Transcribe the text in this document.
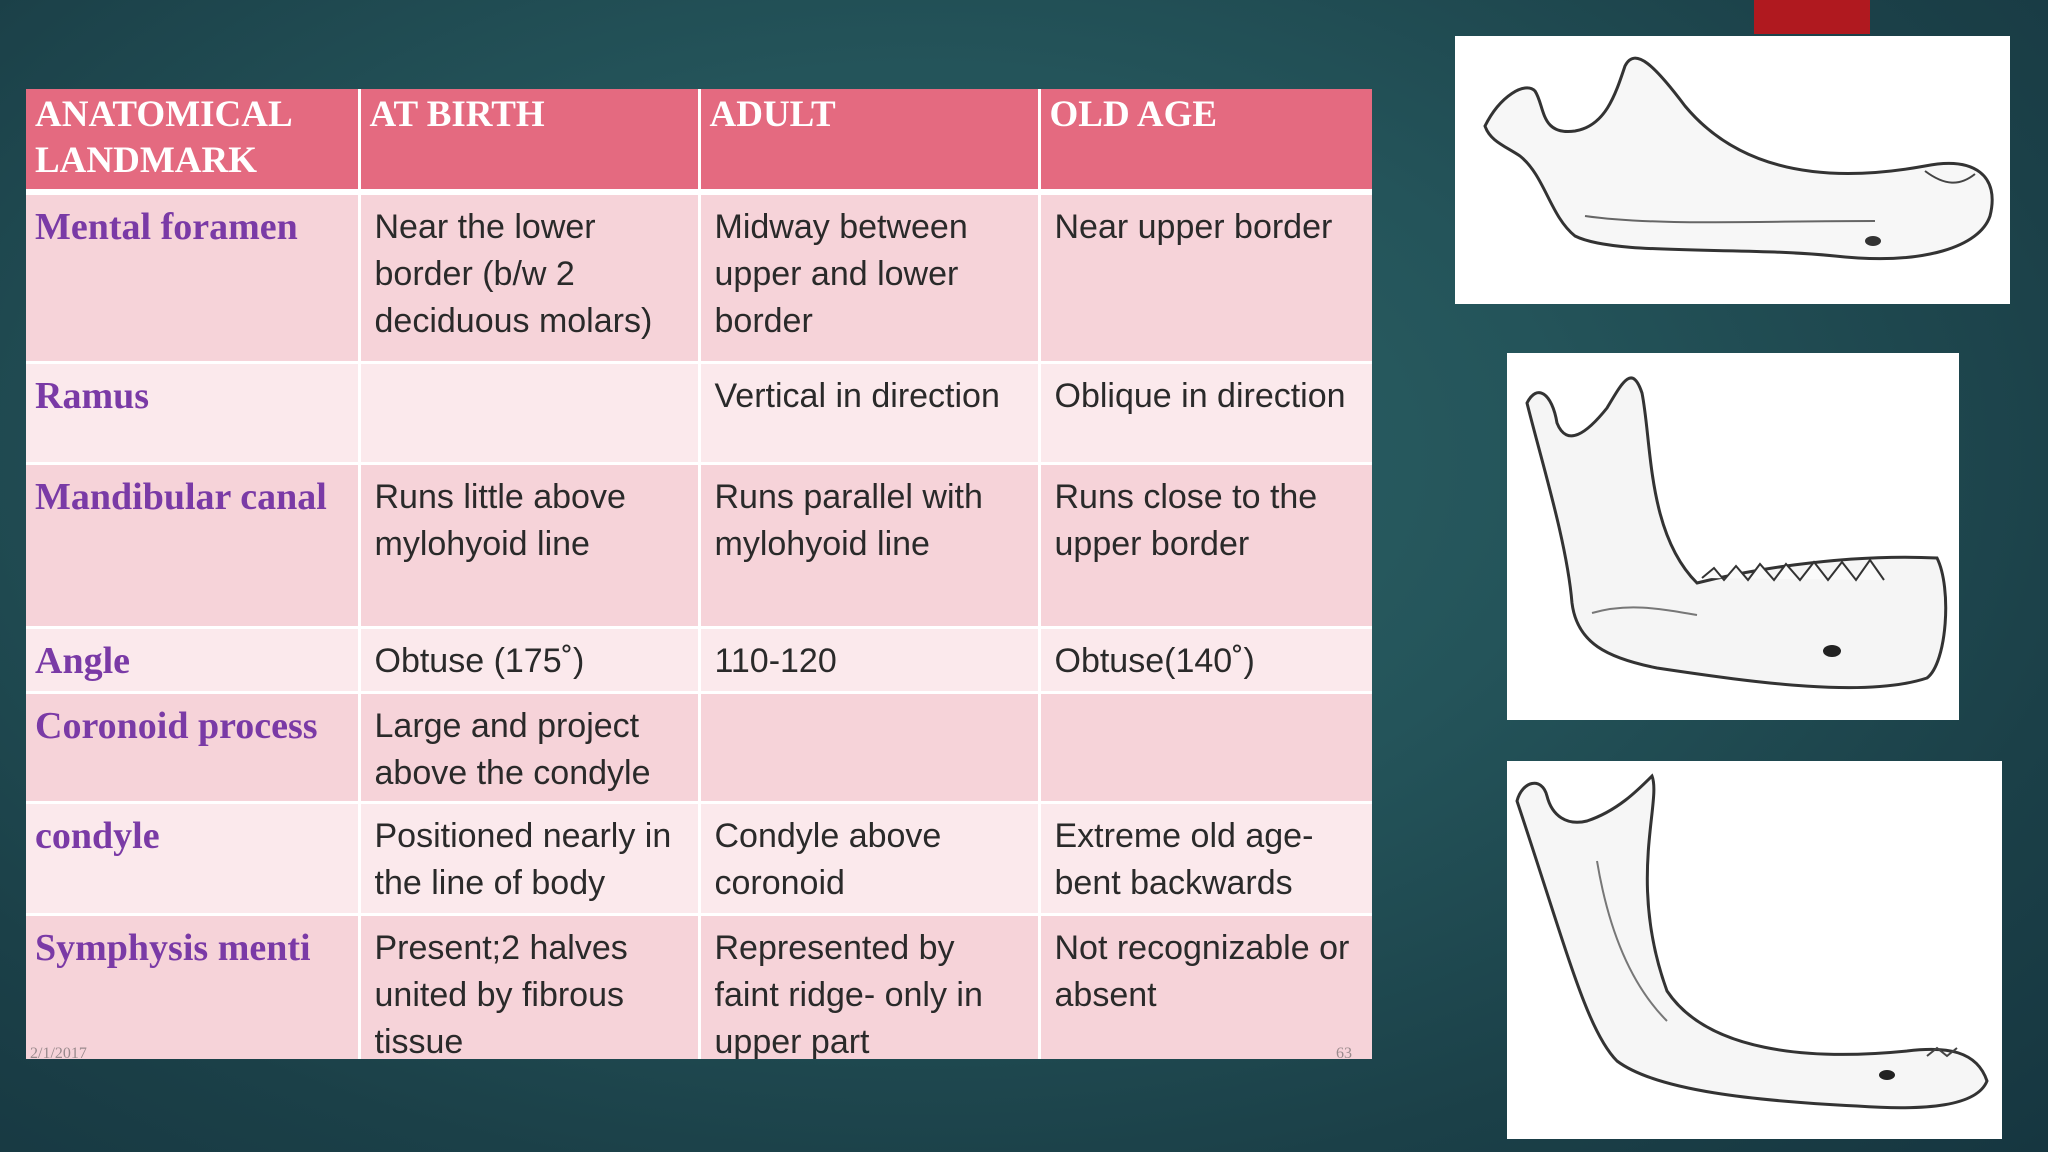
ANATOMICAL LANDMARK	AT BIRTH	ADULT	OLD AGE
Mental foramen	Near the lower border (b/w 2 deciduous molars)	Midway between upper and lower border	Near upper border
Ramus		Vertical in direction	Oblique in direction
Mandibular canal	Runs little above mylohyoid line	Runs parallel with mylohyoid line	Runs close to the upper border
Angle	Obtuse (175˚)	110-120	Obtuse(140˚)
Coronoid process	Large and project above the condyle		
condyle	Positioned nearly in the line of body	Condyle above coronoid	Extreme old age- bent backwards
Symphysis menti	Present;2 halves united by fibrous tissue	Represented by faint ridge- only in upper part	Not recognizable or absent
2/1/2017	63
